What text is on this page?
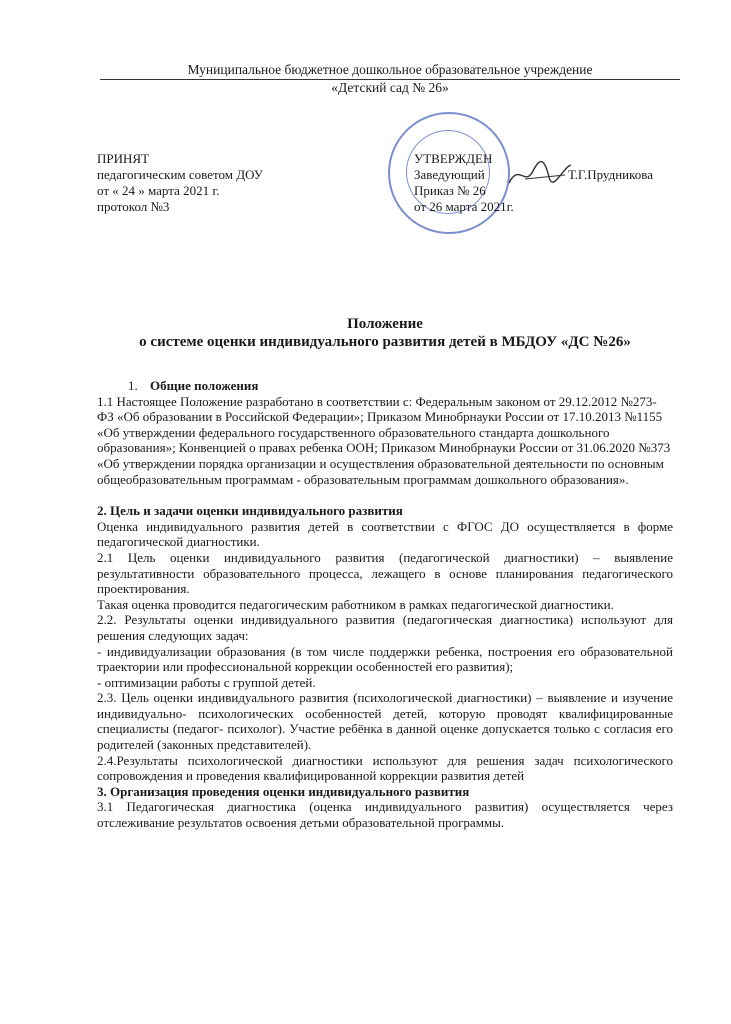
Муниципальное бюджетное дошкольное образовательное учреждение
«Детский сад № 26»
ПРИНЯТ
педагогическим советом ДОУ
от « 24 » марта 2021 г.
протокол №3
УТВЕРЖДЕН
Заведующий
Приказ № 26
от 26 марта 2021г.
Т.Г.Прудникова
Положение
о системе оценки индивидуального развития детей в МБДОУ «ДС №26»

1. Общие положения

1.1 Настоящее Положение разработано в соответствии с: Федеральным законом от 29.12.2012 №273-ФЗ «Об образовании в Российской Федерации»; Приказом Минобрнауки России от 17.10.2013 №1155 «Об утверждении федерального государственного образовательного стандарта дошкольного образования»; Конвенцией о правах ребенка ООН; Приказом Минобрнауки России от 31.06.2020 №373 «Об утверждении порядка организации и осуществления образовательной деятельности по основным общеобразовательным программам - образовательным программам дошкольного образования».

2. Цель и задачи оценки индивидуального развития

Оценка индивидуального развития детей в соответствии с ФГОС ДО осуществляется в форме педагогической диагностики.

2.1 Цель оценки индивидуального развития (педагогической диагностики) – выявление результативности образовательного процесса, лежащего в основе планирования педагогического проектирования.

Такая оценка проводится педагогическим работником в рамках педагогической диагностики.

2.2. Результаты оценки индивидуального развития (педагогическая диагностика) используют для решения следующих задач:

- индивидуализации образования (в том числе поддержки ребенка, построения его образовательной траектории или профессиональной коррекции особенностей его развития);

- оптимизации работы с группой детей.

2.3. Цель оценки индивидуального развития (психологической диагностики) – выявление и изучение индивидуально- психологических особенностей детей, которую проводят квалифицированные специалисты (педагог- психолог). Участие ребёнка в данной оценке допускается только с согласия его родителей (законных представителей).

2.4.Результаты психологической диагностики используют для решения задач психологического сопровождения и проведения квалифицированной коррекции развития детей

3. Организация проведения оценки индивидуального развития

3.1 Педагогическая диагностика (оценка индивидуального развития) осуществляется через отслеживание результатов освоения детьми образовательной программы.
